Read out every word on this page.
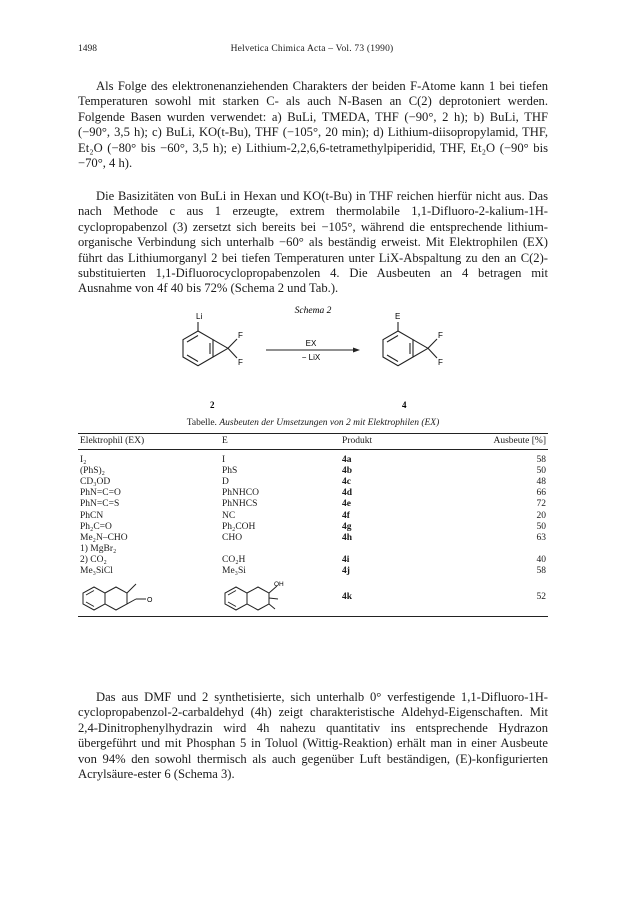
1498	Helvetica Chimica Acta – Vol. 73 (1990)

Als Folge des elektronenanziehenden Charakters der beiden F-Atome kann 1 bei tiefen Temperaturen sowohl mit starken C- als auch N-Basen an C(2) deprotoniert werden. Folgende Basen wurden verwendet: a) BuLi, TMEDA, THF (−90°, 2 h); b) BuLi, THF (−90°, 3,5 h); c) BuLi, KO(t-Bu), THF (−105°, 20 min); d) Lithium-diisopropylamid, THF, Et₂O (−80° bis −60°, 3,5 h); e) Lithium-2,2,6,6-tetramethylpiperidid, THF, Et₂O (−90° bis −70°, 4 h).

Die Basizitäten von BuLi in Hexan und KO(t-Bu) in THF reichen hierfür nicht aus. Das nach Methode c aus 1 erzeugte, extrem thermolabile 1,1-Difluoro-2-kalium-1H-cyclopropabenzol (3) zersetzt sich bereits bei −105°, während die entsprechende lithium-organische Verbindung sich unterhalb −60° als beständig erweist. Mit Elektrophilen (EX) führt das Lithiumorganyl 2 bei tiefen Temperaturen unter LiX-Abspaltung zu den an C(2)-substituierten 1,1-Difluorocyclopropabenzolen 4. Die Ausbeuten an 4 betragen mit Ausnahme von 4f 40 bis 72% (Schema 2 und Tab.).

Schema 2
Li
F
F
2
EX
− LiX
E
F
F
4
Tabelle. Ausbeuten der Umsetzungen von 2 mit Elektrophilen (EX)
Elektrophil (EX)	E	Produkt	Ausbeute [%]
I₂	I	4a	58
(PhS)₂	PhS	4b	50
CD₃OD	D	4c	48
PhN=C=O	PhNHCO	4d	66
PhN=C=S	PhNHCS	4e	72
PhCN	NC	4f	20
Ph₂C=O	Ph₂COH	4g	50
Me₂N–CHO	CHO	4h	63
1) MgBr₂			
2) CO₂	CO₂H	4i	40
Me₃SiCl	Me₃Si	4j	58

O	OH	4k	52

Das aus DMF und 2 synthetisierte, sich unterhalb 0° verfestigende 1,1-Difluoro-1H-cyclopropabenzol-2-carbaldehyd (4h) zeigt charakteristische Aldehyd-Eigenschaften. Mit 2,4-Dinitrophenylhydrazin wird 4h nahezu quantitativ ins entsprechende Hydrazon übergeführt und mit Phosphan 5 in Toluol (Wittig-Reaktion) erhält man in einer Ausbeute von 94% den sowohl thermisch als auch gegenüber Luft beständigen, (E)-konfigurierten Acrylsäure-ester 6 (Schema 3).
